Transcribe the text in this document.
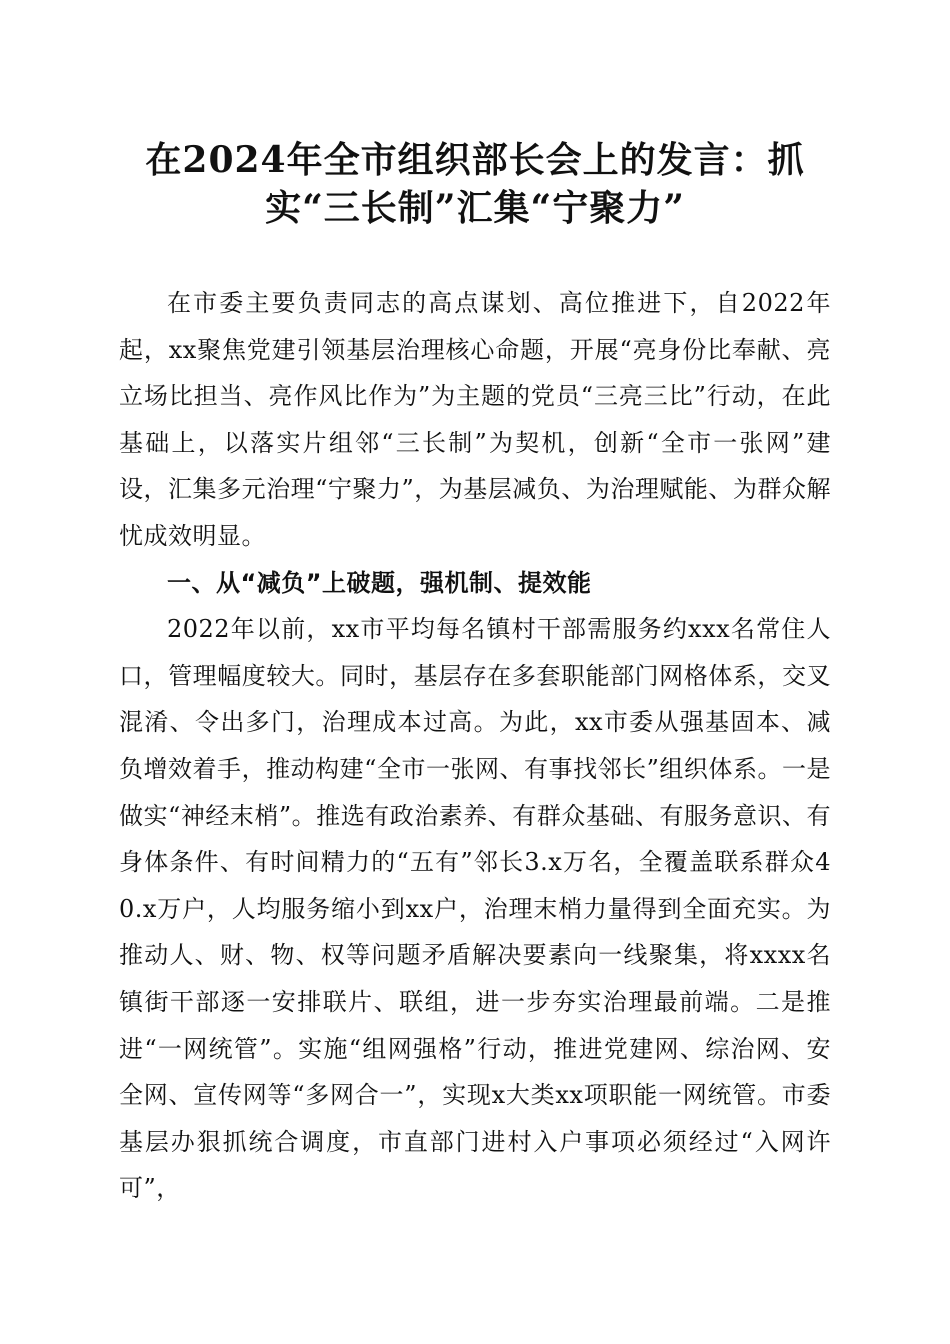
在2024年全市组织部长会上的发言：抓
实“三长制”汇集“宁聚力”

在市委主要负责同志的高点谋划、高位推进下，自2022年起，xx聚焦党建引领基层治理核心命题，开展“亮身份比奉献、亮立场比担当、亮作风比作为”为主题的党员“三亮三比”行动，在此基础上，以落实片组邻“三长制”为契机，创新“全市一张网”建设，汇集多元治理“宁聚力”，为基层减负、为治理赋能、为群众解忧成效明显。

一、从“减负”上破题，强机制、提效能

2022年以前，xx市平均每名镇村干部需服务约xxx名常住人口，管理幅度较大。同时，基层存在多套职能部门网格体系，交叉混淆、令出多门，治理成本过高。为此，xx市委从强基固本、减负增效着手，推动构建“全市一张网、有事找邻长”组织体系。一是做实“神经末梢”。推选有政治素养、有群众基础、有服务意识、有身体条件、有时间精力的“五有”邻长3.x万名，全覆盖联系群众40.x万户，人均服务缩小到xx户，治理末梢力量得到全面充实。为推动人、财、物、权等问题矛盾解决要素向一线聚集，将xxxx名镇街干部逐一安排联片、联组，进一步夯实治理最前端。二是推进“一网统管”。实施“组网强格”行动，推进党建网、综治网、安全网、宣传网等“多网合一”，实现x大类xx项职能一网统管。市委基层办狠抓统合调度，市直部门进村入户事项必须经过“入网许可”，
